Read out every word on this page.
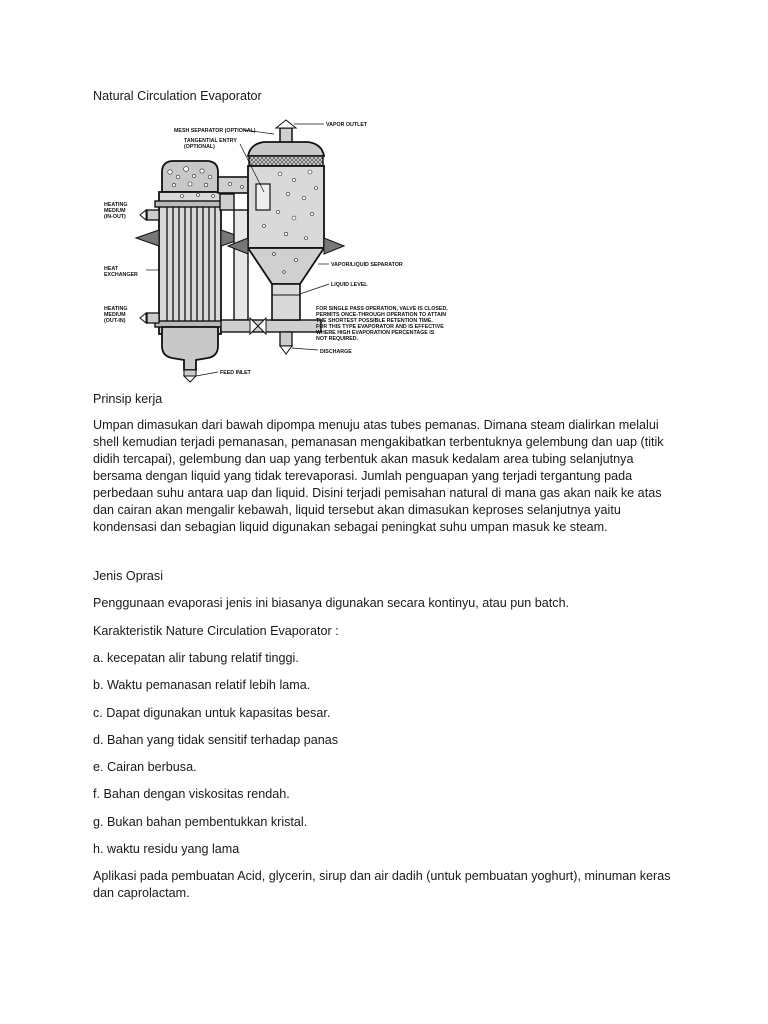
Natural Circulation Evaporator

VAPOR OUTLET
MESH SEPARATOR (OPTIONAL)
TANGENTIAL ENTRY
(OPTIONAL)
HEATING
MEDIUM
(IN-OUT)
HEAT
EXCHANGER
HEATING
MEDIUM
(OUT-IN)
VAPOR/LIQUID SEPARATOR
LIQUID LEVEL
FOR SINGLE PASS OPERATION, VALVE IS CLOSED,
PERMITS ONCE-THROUGH OPERATION TO ATTAIN
THE SHORTEST POSSIBLE RETENTION TIME.
FOR THIS TYPE EVAPORATOR AND IS EFFECTIVE
WHERE HIGH EVAPORATION PERCENTAGE IS
NOT REQUIRED.
DISCHARGE
FEED INLET

Prinsip kerja

Umpan dimasukan dari bawah dipompa menuju atas tubes pemanas. Dimana steam dialirkan melalui shell kemudian terjadi pemanasan, pemanasan mengakibatkan terbentuknya gelembung dan uap (titik didih tercapai), gelembung dan uap yang terbentuk akan masuk kedalam area tubing selanjutnya bersama dengan liquid yang tidak terevaporasi. Jumlah penguapan yang terjadi tergantung pada perbedaan suhu antara uap dan liquid. Disini terjadi pemisahan natural di mana gas akan naik ke atas dan cairan akan mengalir kebawah, liquid tersebut akan dimasukan keproses selanjutnya yaitu kondensasi dan sebagian liquid digunakan sebagai peningkat suhu umpan masuk ke steam.

Jenis Oprasi

Penggunaan evaporasi jenis ini biasanya digunakan secara kontinyu, atau pun batch.

Karakteristik Nature Circulation Evaporator :

a. kecepatan alir tabung relatif tinggi.

b. Waktu pemanasan relatif lebih lama.

c. Dapat digunakan untuk kapasitas besar.

d. Bahan yang tidak sensitif terhadap panas

e. Cairan berbusa.

f. Bahan dengan viskositas rendah.

g. Bukan bahan pembentukkan kristal.

h. waktu residu yang lama

Aplikasi pada pembuatan Acid, glycerin, sirup dan air dadih (untuk pembuatan yoghurt), minuman keras dan caprolactam.
